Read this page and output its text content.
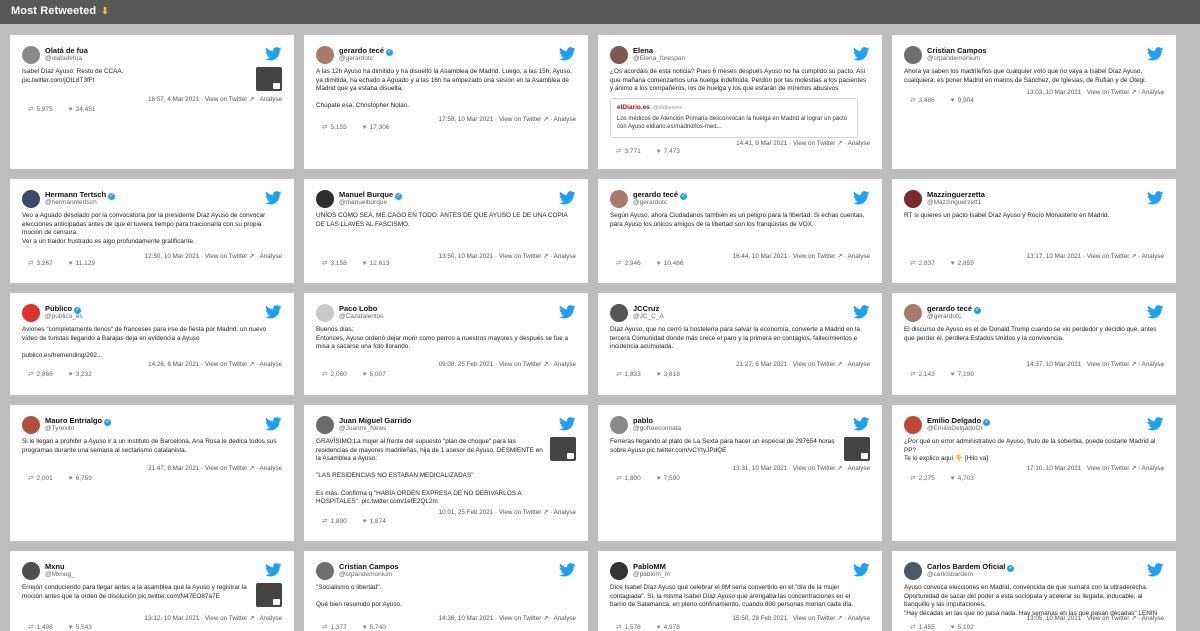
Most Retweeted ⬇
Olatá de fua
@olatadefua
Isabel Díaz Ayuso: Resto de CCAA.
pic.twitter.com/jOIL8T3fFf
18:57, 4 Mar 2021 · View on Twitter ↗ · Analyse
⇄ 5,975 ♥ 24,451
gerardo tecé ✓
@gerardotc
A las 12h Ayuso ha dimitido y ha disuelto la Asamblea de Madrid. Luego, a las 15h, Ayuso, ya dimitida, ha echado a Aguado y a las 16h ha empezado una sesión en la Asamblea de Madrid que ya estaba disuelta.

Chúpate esa, Christopher Nolan.
17:58, 10 Mar 2021 · View on Twitter ↗ · Analyse
⇄ 5,155 ♥ 17,306
Elena
@Elena_forespan
¿Os acordáis de esta noticia? Pues 6 meses después Ayuso no ha cumplido su pacto. Así que mañana comenzamos una huelga indefinida. Perdón por las molestias a los pacientes y ánimo a los compañeros, los de huelga y los que estarán de mínimos abusivos
elDiario.es @eldiarioes
Los médicos de Atención Primaria desconvocan la huelga en Madrid al lograr un pacto con Ayuso eldiario.es/madrid/los-med...
14:41, 9 Mar 2021 · View on Twitter ↗ · Analyse
⇄ 3,771 ♥ 7,473
Cristian Campos
@crpandemonium
Ahora ya saben los madrileños que cualquier voto que no vaya a Isabel Díaz Ayuso, cualquiera, es poner Madrid en manos de Sánchez, de Iglesias, de Rufián y de Otegi.
13:03, 10 Mar 2021 · View on Twitter ↗ · Analyse
⇄ 3,486 ♥ 9,904
Hermann Tertsch ✓
@hermanntertsch
Veo a Aguado desolado por la convocatoria por la presidente Díaz Ayuso de convocar elecciones anticipadas antes de que él tuviera tiempo para traicionarla con su propia moción de censura.
Ver a un traidor frustrado es algo profundamente gratificante.
12:50, 10 Mar 2021 · View on Twitter ↗ · Analyse
⇄ 3,267 ♥ 11,129
Manuel Burque ✓
@manuelburque
UNÍOS COMO SEA, ME CAGO EN TODO. ANTES DE QUE AYUSO LE DE UNA COPIA DE LAS LLAVES AL FASCISMO.
13:50, 10 Mar 2021 · View on Twitter ↗ · Analyse
⇄ 3,158 ♥ 12,613
gerardo tecé ✓
@gerardotc
Según Ayuso, ahora Ciudadanos también es un peligro para la libertad. Si echas cuentas, para Ayuso los únicos amigos de la libertad son los franquistas de VOX.
16:44, 10 Mar 2021 · View on Twitter ↗ · Analyse
⇄ 2,946 ♥ 10,466
Mazzinguerzetta
@Mazzinguerzett1
RT si quieres un pacto Isabel Díaz Ayuso y Rocío Monasterio en Madrid.
13:17, 10 Mar 2021 · View on Twitter ↗ · Analyse
⇄ 2,837 ♥ 2,859
Público ✓
@publico_es
Aviones "completamente llenos" de franceses para irse de fiesta por Madrid: un nuevo vídeo de turistas llegando a Barajas deja en evidencia a Ayuso

publico.es/tremending/202...
14:26, 6 Mar 2021 · View on Twitter ↗ · Analyse
⇄ 2,866 ♥ 3,232
Paco Lobo
@Cazatalentos
Buenos días:
Entonces, Ayuso ordenó dejar morir como perros a nuestros mayores y después se fue a misa a sacarse una foto llorando.
09:08, 25 Feb 2021 · View on Twitter ↗ · Analyse
⇄ 2,060 ♥ 5,007
JCCruz
@JC_C_A
Díaz Ayuso, que no cerró la hostelería para salvar la economía, convierte a Madrid en la tercera Comunidad donde más crece el paro y la primera en contagios, fallecimientos e incidencia acumulada.
21:27, 6 Mar 2021 · View on Twitter ↗ · Analyse
⇄ 1,833 ♥ 3,618
gerardo tecé ✓
@gerardotc
El discurso de Ayuso es el de Donald Trump cuando se vio perdedor y decidió que, antes que perder él, perdiera Estados Unidos y la convivencia.
14:37, 10 Mar 2021 · View on Twitter ↗ · Analyse
⇄ 2,143 ♥ 7,199
Mauro Entrialgo ✓
@Tyrexito
Si le llegan a prohibir a Ayuso ir a un instituto de Barcelona, Ana Rosa le dedica todos sus programas durante una semana al sectarismo catalanista.
21:47, 8 Mar 2021 · View on Twitter ↗ · Analyse
⇄ 2,001 ♥ 6,759
Juan Miguel Garrido
@Juanmi_News
GRAVÍSIMO:La mujer al frente del supuesto "plan de choque" para las residencias de mayores madrileñas, hija de 1 asesor de Ayuso, DESMIENTE en la Asamblea a Ayuso:

"LAS RESIDENCIAS NO ESTABAN MEDICALIZADAS"

Es más. Confirma q "HABÍA ORDEN EXPRESA DE NO DERIVARLOS A HOSPITALES". pic.twitter.com/1efE2QL2m
10:01, 25 Feb 2021 · View on Twitter ↗ · Analyse
⇄ 1,890 ♥ 1,874
pablo
@gofreeconnata
Ferreras llegando al plató de La Sexta para hacer un especial de 297654 horas sobre Ayuso pic.twitter.com/vCYtyJPdQE
13:31, 10 Mar 2021 · View on Twitter ↗ · Analyse
⇄ 1,800 ♥ 7,590
Emilio Delgado ✓
@EmilioDelgadoOr
¿Por qué un error administrativo de Ayuso, fruto de la soberbia, puede costarle Madrid al PP?
Te lo explico aquí 👇 [Hilo va]
17:10, 10 Mar 2021 · View on Twitter ↗ · Analyse
⇄ 2,275 ♥ 4,703
Mxnu
@Mxnug_
Errejón conduciendo para llegar antes a la asamblea que la Ayuso y registrar la moción antes que la orden de disolución pic.twitter.com/N47EO87a7E
13:12, 10 Mar 2021 · View on Twitter ↗ · Analyse
⇄ 1,498 ♥ 5,543
Cristian Campos
@crpandemonium
"Socialismo o libertad".

Qué bien resumido por Ayuso.
14:36, 10 Mar 2021 · View on Twitter ↗ · Analyse
⇄ 1,377 ♥ 5,740
PabloMM
@pablom_m
Dice Isabel Díaz Ayuso que celebrar el 8M sería convertirlo en el "día de la mujer contagiada". Sí, la misma Isabel Díaz Ayuso que arengaba las concentraciones en el barrio de Salamanca, en pleno confinamiento, cuando 800 personas morían cada día.
15:50, 28 Feb 2021 · View on Twitter ↗ · Analyse
⇄ 1,578 ♥ 4,978
Carlos Bardem Oficial ✓
@carlosbardem
Ayuso convoca elecciones en Madrid, convencida de que sumará con la ultraderecha. Oportunidad de sacar del poder a esta sociópata y acelerar su llegada, inducable, al banquillo y las imputaciones.
"Hay décadas en las que no pasa nada. Hay semanas en las que pasan décadas" LENIN
13:05, 10 Mar 2021 · View on Twitter ↗ · Analyse
⇄ 1,455 ♥ 5,102
